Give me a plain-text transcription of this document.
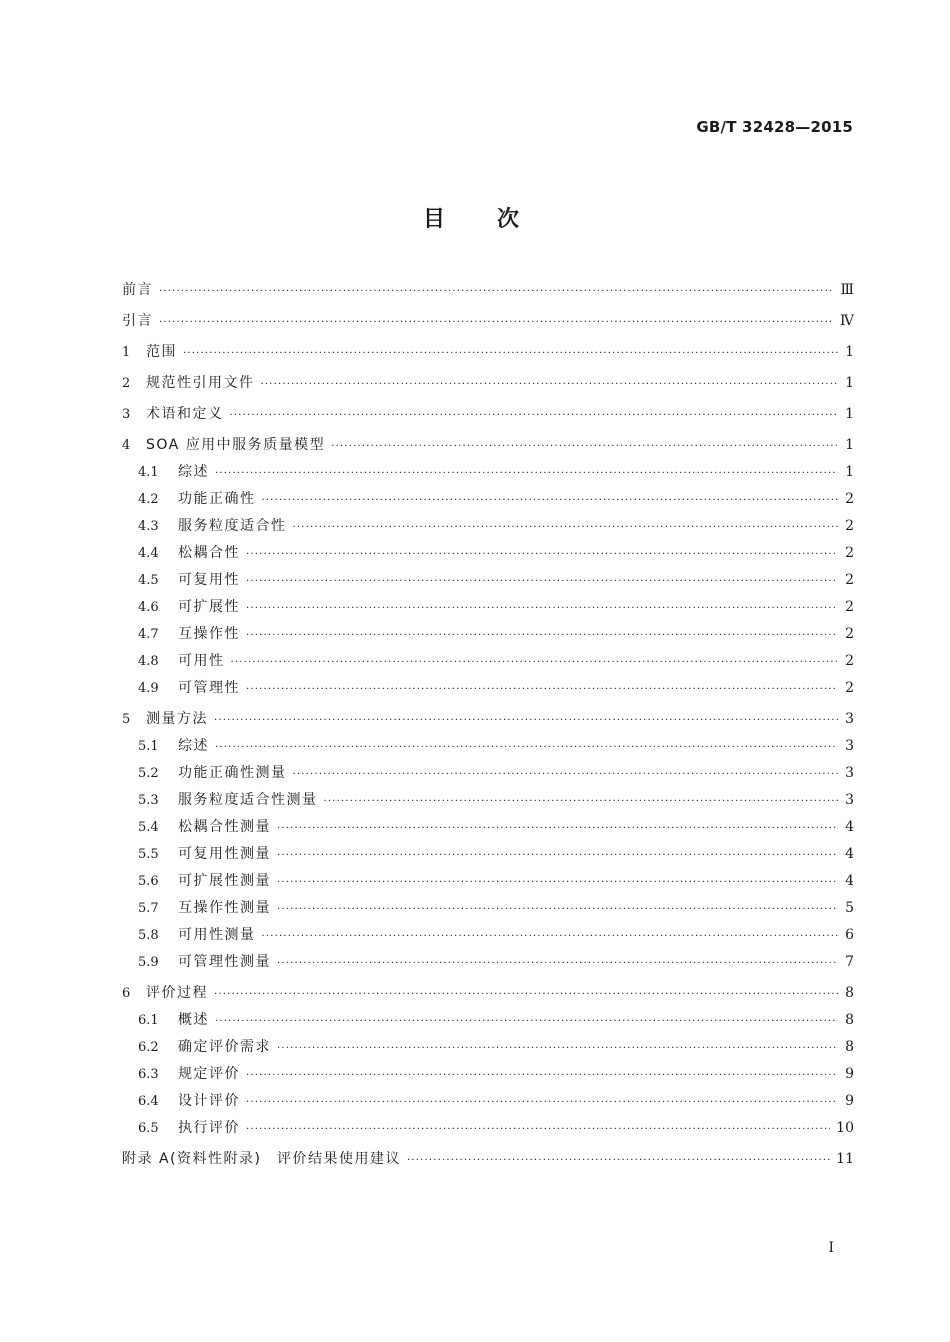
GB/T 32428—2015
目次
前言 ·····	Ⅲ
引言 ·····	Ⅳ
1	范围 ·····	1
2	规范性引用文件 ·····	1
3	术语和定义 ·····	1
4	SOA 应用中服务质量模型 ·····	1
4.1	综述 ·····	1
4.2	功能正确性 ·····	2
4.3	服务粒度适合性 ·····	2
4.4	松耦合性 ·····	2
4.5	可复用性 ·····	2
4.6	可扩展性 ·····	2
4.7	互操作性 ·····	2
4.8	可用性 ·····	2
4.9	可管理性 ·····	2
5	测量方法 ·····	3
5.1	综述 ·····	3
5.2	功能正确性测量 ·····	3
5.3	服务粒度适合性测量 ·····	3
5.4	松耦合性测量 ·····	4
5.5	可复用性测量 ·····	4
5.6	可扩展性测量 ·····	4
5.7	互操作性测量 ·····	5
5.8	可用性测量 ·····	6
5.9	可管理性测量 ·····	7
6	评价过程 ·····	8
6.1	概述 ·····	8
6.2	确定评价需求 ·····	8
6.3	规定评价 ·····	9
6.4	设计评价 ·····	9
6.5	执行评价 ·····	10
附录 A(资料性附录)　评价结果使用建议 ·····	11
I
